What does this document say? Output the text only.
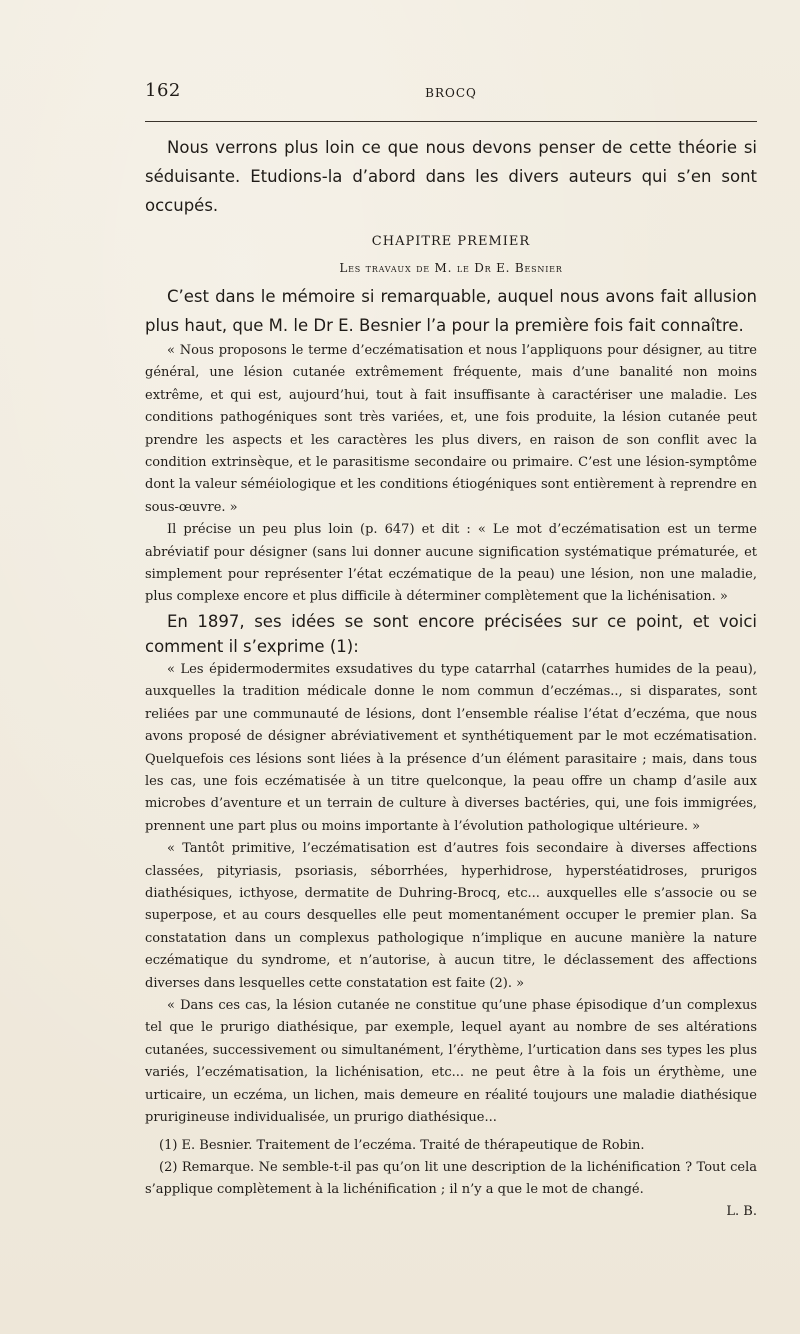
162	BROCQ

Nous verrons plus loin ce que nous devons penser de cette théorie si séduisante. Etudions-la d’abord dans les divers auteurs qui s’en sont occupés.

CHAPITRE PREMIER
Les travaux de M. le Dr E. Besnier

C’est dans le mémoire si remarquable, auquel nous avons fait allusion plus haut, que M. le Dr E. Besnier l’a pour la première fois fait connaître.

« Nous proposons le terme d’eczématisation et nous l’appliquons pour désigner, au titre général, une lésion cutanée extrêmement fréquente, mais d’une banalité non moins extrême, et qui est, aujourd’hui, tout à fait insuffisante à caractériser une maladie. Les conditions pathogéniques sont très variées, et, une fois produite, la lésion cutanée peut prendre les aspects et les caractères les plus divers, en raison de son conflit avec la condition extrinsèque, et le parasitisme secondaire ou primaire. C’est une lésion-symptôme dont la valeur séméiologique et les conditions étiogéniques sont entièrement à reprendre en sous-œuvre. »

Il précise un peu plus loin (p. 647) et dit : « Le mot d’eczématisation est un terme abréviatif pour désigner (sans lui donner aucune signification systématique prématurée, et simplement pour représenter l’état eczématique de la peau) une lésion, non une maladie, plus complexe encore et plus difficile à déterminer complètement que la lichénisation. »

En 1897, ses idées se sont encore précisées sur ce point, et voici comment il s’exprime (1):

« Les épidermodermites exsudatives du type catarrhal (catarrhes humides de la peau), auxquelles la tradition médicale donne le nom commun d’eczémas.., si disparates, sont reliées par une communauté de lésions, dont l’ensemble réalise l’état d’eczéma, que nous avons proposé de désigner abréviativement et synthétiquement par le mot eczématisation. Quelquefois ces lésions sont liées à la présence d’un élément parasitaire ; mais, dans tous les cas, une fois eczématisée à un titre quelconque, la peau offre un champ d’asile aux microbes d’aventure et un terrain de culture à diverses bactéries, qui, une fois immigrées, prennent une part plus ou moins importante à l’évolution pathologique ultérieure. »

« Tantôt primitive, l’eczématisation est d’autres fois secondaire à diverses affections classées, pityriasis, psoriasis, séborrhées, hyperhidrose, hyperstéatidroses, prurigos diathésiques, icthyose, dermatite de Duhring-Brocq, etc... auxquelles elle s’associe ou se superpose, et au cours desquelles elle peut momentanément occuper le premier plan. Sa constatation dans un complexus pathologique n’implique en aucune manière la nature eczématique du syndrome, et n’autorise, à aucun titre, le déclassement des affections diverses dans lesquelles cette constatation est faite (2). »

« Dans ces cas, la lésion cutanée ne constitue qu’une phase épisodique d’un complexus tel que le prurigo diathésique, par exemple, lequel ayant au nombre de ses altérations cutanées, successivement ou simultanément, l’érythème, l’urtication dans ses types les plus variés, l’eczématisation, la lichénisation, etc... ne peut être à la fois un érythème, une urticaire, un eczéma, un lichen, mais demeure en réalité toujours une maladie diathésique prurigineuse individualisée, un prurigo diathésique...

(1) E. Besnier. Traitement de l’eczéma. Traité de thérapeutique de Robin.

(2) Remarque. Ne semble-t-il pas qu’on lit une description de la lichénification ? Tout cela s’applique complètement à la lichénification ; il n’y a que le mot de changé.

L. B.
